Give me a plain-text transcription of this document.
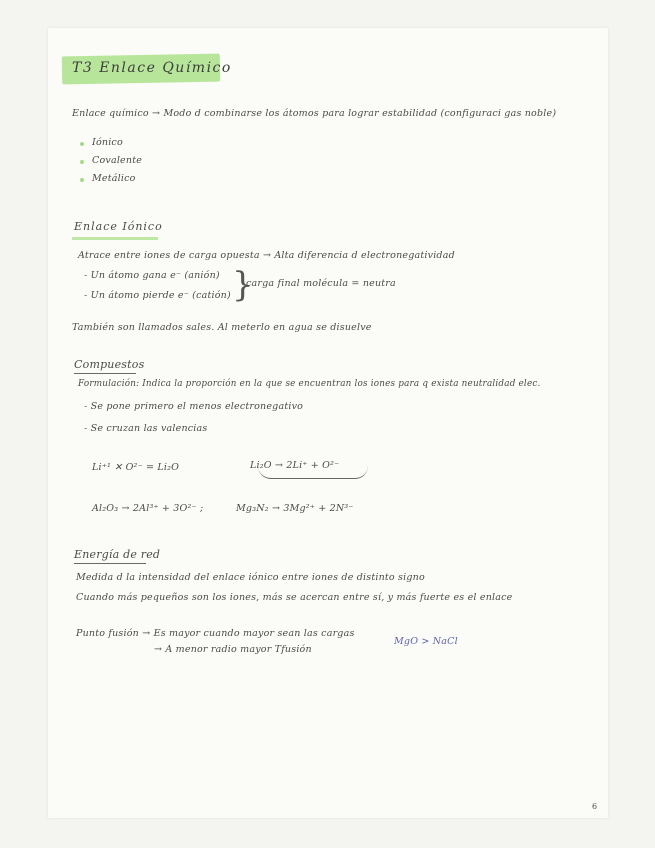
T3 Enlace Químico
Enlace químico → Modo d combinarse los átomos para lograr estabilidad (configuraci gas noble)
Iónico
Covalente
Metálico
Enlace Iónico
Atrace entre iones de carga opuesta → Alta diferencia d electronegatividad
- Un átomo gana e⁻ (anión)
- Un átomo pierde e⁻ (catión) }
carga final molécula = neutra
También son llamados sales. Al meterlo en agua se disuelve
Compuestos
Formulación: Indica la proporción en la que se encuentran los iones para q exista neutralidad elec.
- Se pone primero el menos electronegativo
- Se cruzan las valencias
Li⁺¹ ✕ O²⁻ = Li₂O	Li₂O → 2Li⁺ + O²⁻
Al₂O₃ → 2Al³⁺ + 3O²⁻ ;	Mg₃N₂ → 3Mg²⁺ + 2N³⁻
Energía de red
Medida d la intensidad del enlace iónico entre iones de distinto signo
Cuando más pequeños son los iones, más se acercan entre sí, y más fuerte es el enlace
Punto fusión → Es mayor cuando mayor sean las cargas
→ A menor radio mayor Tfusión
MgO > NaCl
6
